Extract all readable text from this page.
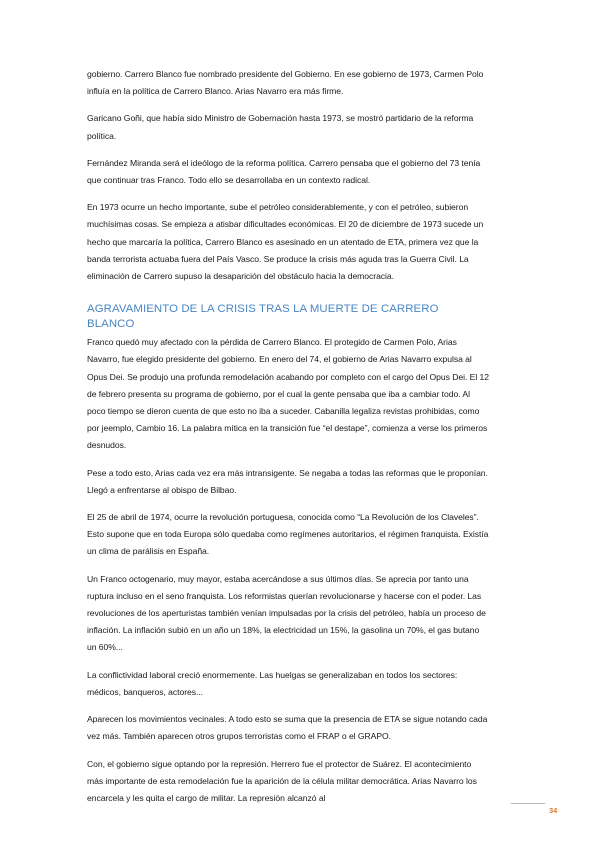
gobierno. Carrero Blanco fue nombrado presidente del Gobierno. En ese gobierno de 1973, Carmen Polo influía en la política de Carrero Blanco. Arias Navarro era más firme.

Garicano Goñi, que había sido Ministro de Gobernación hasta 1973, se mostró partidario de la reforma política.

Fernández Miranda será el ideólogo de la reforma política. Carrero pensaba que el gobierno del 73 tenía que continuar tras Franco. Todo ello se desarrollaba en un contexto radical.

En 1973 ocurre un hecho importante, sube el petróleo considerablemente, y con el petróleo, subieron muchísimas cosas. Se empieza a atisbar dificultades económicas. El 20 de diciembre de 1973 sucede un hecho que marcaría la política, Carrero Blanco es asesinado en un atentado de ETA, primera vez que la banda terrorista actuaba fuera del País Vasco. Se produce la crisis más aguda tras la Guerra Civil. La eliminación de Carrero supuso la desaparición del obstáculo hacia la democracia.

AGRAVAMIENTO DE LA CRISIS TRAS LA MUERTE DE CARRERO BLANCO

Franco quedó muy afectado con la pérdida de Carrero Blanco. El protegido de Carmen Polo, Arias Navarro, fue elegido presidente del gobierno. En enero del 74, el gobierno de Arias Navarro expulsa al Opus Dei. Se produjo una profunda remodelación acabando por completo con el cargo del Opus Dei. El 12 de febrero presenta su programa de gobierno, por el cual la gente pensaba que iba a cambiar todo. Al poco tiempo se dieron cuenta de que esto no iba a suceder. Cabanilla legaliza revistas prohibidas, como por jeemplo, Cambio 16. La palabra mítica en la transición fue “el destape”, comienza a verse los primeros desnudos.

Pese a todo esto, Arias cada vez era más intransigente. Se negaba a todas las reformas que le proponían. Llegó a enfrentarse al obispo de Bilbao.

El 25 de abril de 1974, ocurre la revolución portuguesa, conocida como “La Revolución de los Claveles”. Esto supone que en toda Europa sólo quedaba como regímenes autoritarios, el régimen franquista. Existía un clima de parálisis en España.

Un Franco octogenario, muy mayor, estaba acercándose a sus últimos días. Se aprecia por tanto una ruptura incluso en el seno franquista. Los reformistas querían revolucionarse y hacerse con el poder. Las revoluciones de los aperturistas también venían impulsadas por la crisis del petróleo, había un proceso de inflación. La inflación subió en un año un 18%, la electricidad un 15%, la gasolina un 70%, el gas butano un 60%...

La conflictividad laboral creció enormemente. Las huelgas se generalizaban en todos los sectores: médicos, banqueros, actores...

Aparecen los movimientos vecinales. A todo esto se suma que la presencia de ETA se sigue notando cada vez más. También aparecen otros grupos terroristas como el FRAP o el GRAPO.

Con, el gobierno sigue optando por la represión. Herrero fue el protector de Suárez. El acontecimiento más importante de esta remodelación fue la aparición de la célula militar democrática. Arias Navarro los encarcela y les quita el cargo de militar. La represión alcanzó al

34
